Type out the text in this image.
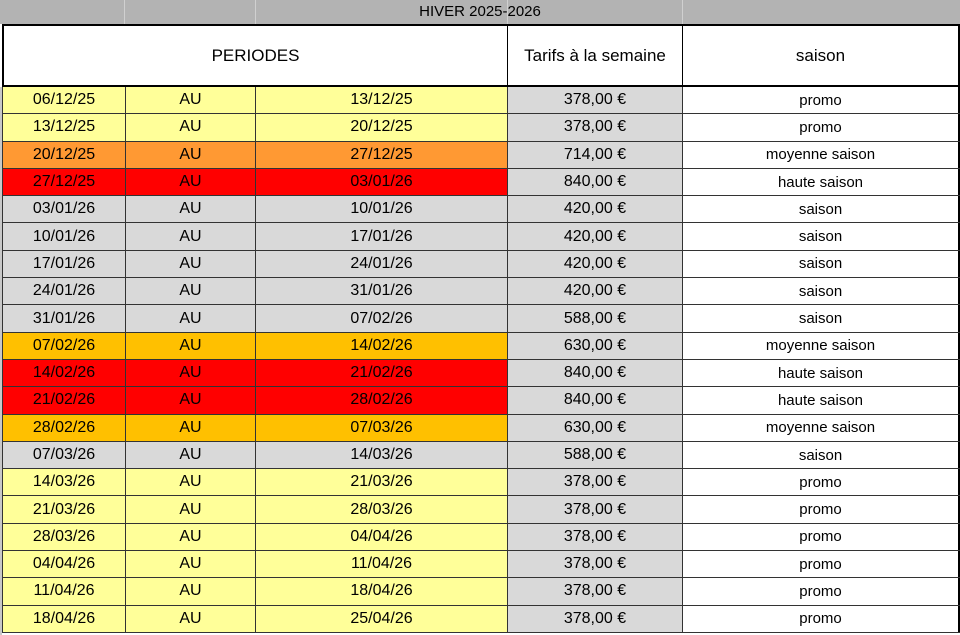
HIVER 2025-2026
PERIODES	Tarifs à la semaine	saison
06/12/25	AU	13/12/25	378,00 €	promo
13/12/25	AU	20/12/25	378,00 €	promo
20/12/25	AU	27/12/25	714,00 €	moyenne saison
27/12/25	AU	03/01/26	840,00 €	haute saison
03/01/26	AU	10/01/26	420,00 €	saison
10/01/26	AU	17/01/26	420,00 €	saison
17/01/26	AU	24/01/26	420,00 €	saison
24/01/26	AU	31/01/26	420,00 €	saison
31/01/26	AU	07/02/26	588,00 €	saison
07/02/26	AU	14/02/26	630,00 €	moyenne saison
14/02/26	AU	21/02/26	840,00 €	haute saison
21/02/26	AU	28/02/26	840,00 €	haute saison
28/02/26	AU	07/03/26	630,00 €	moyenne saison
07/03/26	AU	14/03/26	588,00 €	saison
14/03/26	AU	21/03/26	378,00 €	promo
21/03/26	AU	28/03/26	378,00 €	promo
28/03/26	AU	04/04/26	378,00 €	promo
04/04/26	AU	11/04/26	378,00 €	promo
11/04/26	AU	18/04/26	378,00 €	promo
18/04/26	AU	25/04/26	378,00 €	promo
